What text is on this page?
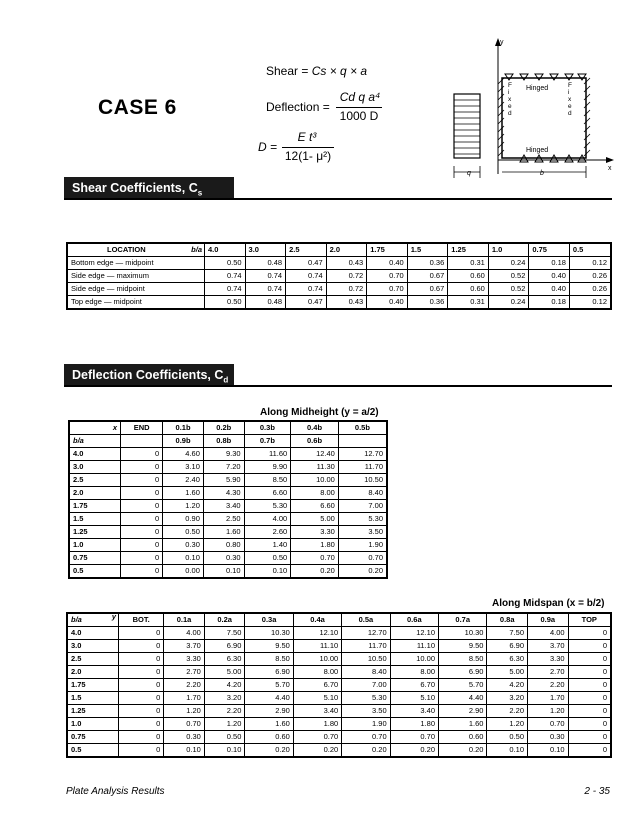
CASE 6
Shear = Cs × q × a
Deflection =
Cd q a⁴
1000 D
D =
E t³
12(1- μ²)
y
x
Hinged
Hinged
q	b
F i x e d
F i x e d
Shear Coefficients, $C_s$
LOCATION b/a	4.0	3.0	2.5	2.0	1.75	1.5	1.25	1.0	0.75	0.5
Bottom edge — midpoint	0.50	0.48	0.47	0.43	0.40	0.36	0.31	0.24	0.18	0.12
Side edge — maximum	0.74	0.74	0.74	0.72	0.70	0.67	0.60	0.52	0.40	0.26
Side edge — midpoint	0.74	0.74	0.74	0.72	0.70	0.67	0.60	0.52	0.40	0.26
Top edge — midpoint	0.50	0.48	0.47	0.43	0.40	0.36	0.31	0.24	0.18	0.12
Deflection Coefficients, $C_d$
Along Midheight (y = a/2)
x	END	0.1b	0.2b	0.3b	0.4b	0.5b
b/a		0.9b	0.8b	0.7b	0.6b	
4.0	0	4.60	9.30	11.60	12.40	12.70
3.0	0	3.10	7.20	9.90	11.30	11.70
2.5	0	2.40	5.90	8.50	10.00	10.50
2.0	0	1.60	4.30	6.60	8.00	8.40
1.75	0	1.20	3.40	5.30	6.60	7.00
1.5	0	0.90	2.50	4.00	5.00	5.30
1.25	0	0.50	1.60	2.60	3.30	3.50
1.0	0	0.30	0.80	1.40	1.80	1.90
0.75	0	0.10	0.30	0.50	0.70	0.70
0.5	0	0.00	0.10	0.10	0.20	0.20
Along Midspan (x = b/2)
b/a y	BOT.	0.1a	0.2a	0.3a	0.4a	0.5a	0.6a	0.7a	0.8a	0.9a	TOP
4.0	0	4.00	7.50	10.30	12.10	12.70	12.10	10.30	7.50	4.00	0
3.0	0	3.70	6.90	9.50	11.10	11.70	11.10	9.50	6.90	3.70	0
2.5	0	3.30	6.30	8.50	10.00	10.50	10.00	8.50	6.30	3.30	0
2.0	0	2.70	5.00	6.90	8.00	8.40	8.00	6.90	5.00	2.70	0
1.75	0	2.20	4.20	5.70	6.70	7.00	6.70	5.70	4.20	2.20	0
1.5	0	1.70	3.20	4.40	5.10	5.30	5.10	4.40	3.20	1.70	0
1.25	0	1.20	2.20	2.90	3.40	3.50	3.40	2.90	2.20	1.20	0
1.0	0	0.70	1.20	1.60	1.80	1.90	1.80	1.60	1.20	0.70	0
0.75	0	0.30	0.50	0.60	0.70	0.70	0.70	0.60	0.50	0.30	0
0.5	0	0.10	0.10	0.20	0.20	0.20	0.20	0.20	0.10	0.10	0
Plate Analysis Results	2 - 35
